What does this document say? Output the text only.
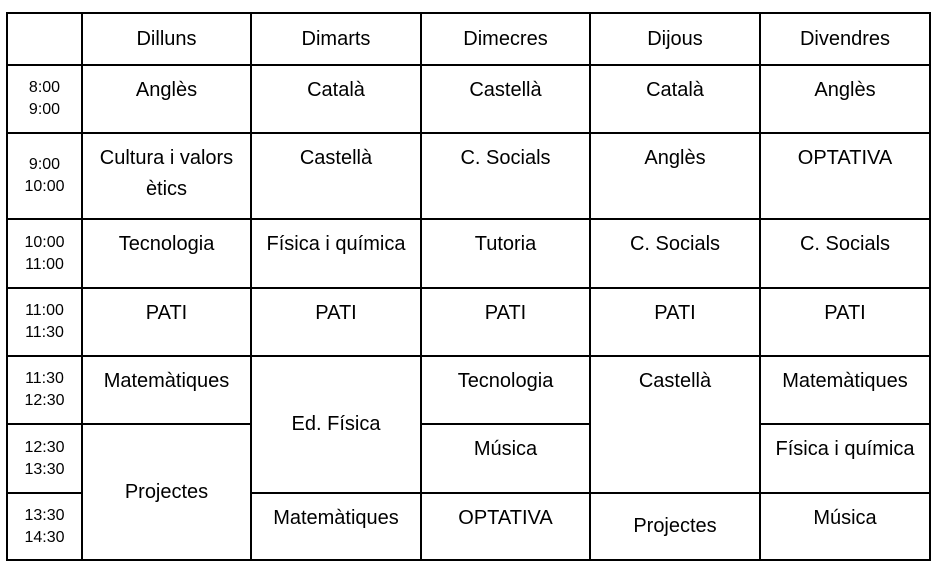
	Dilluns	Dimarts	Dimecres	Dijous	Divendres
8:00
9:00	Anglès	Català	Castellà	Català	Anglès

9:00
10:00	Cultura i valors ètics	Castellà	C. Socials	Anglès	OPTATIVA

10:00
11:00	Tecnologia	Física i química	Tutoria	C. Socials	C. Socials

11:00
11:30	PATI	PATI	PATI	PATI	PATI

11:30
12:30	Matemàtiques	Ed. Física	Tecnologia	Castellà	Matemàtiques

12:30
13:30	Projectes		Música		Física i química

13:30
14:30		Matemàtiques	OPTATIVA	Projectes	Música
